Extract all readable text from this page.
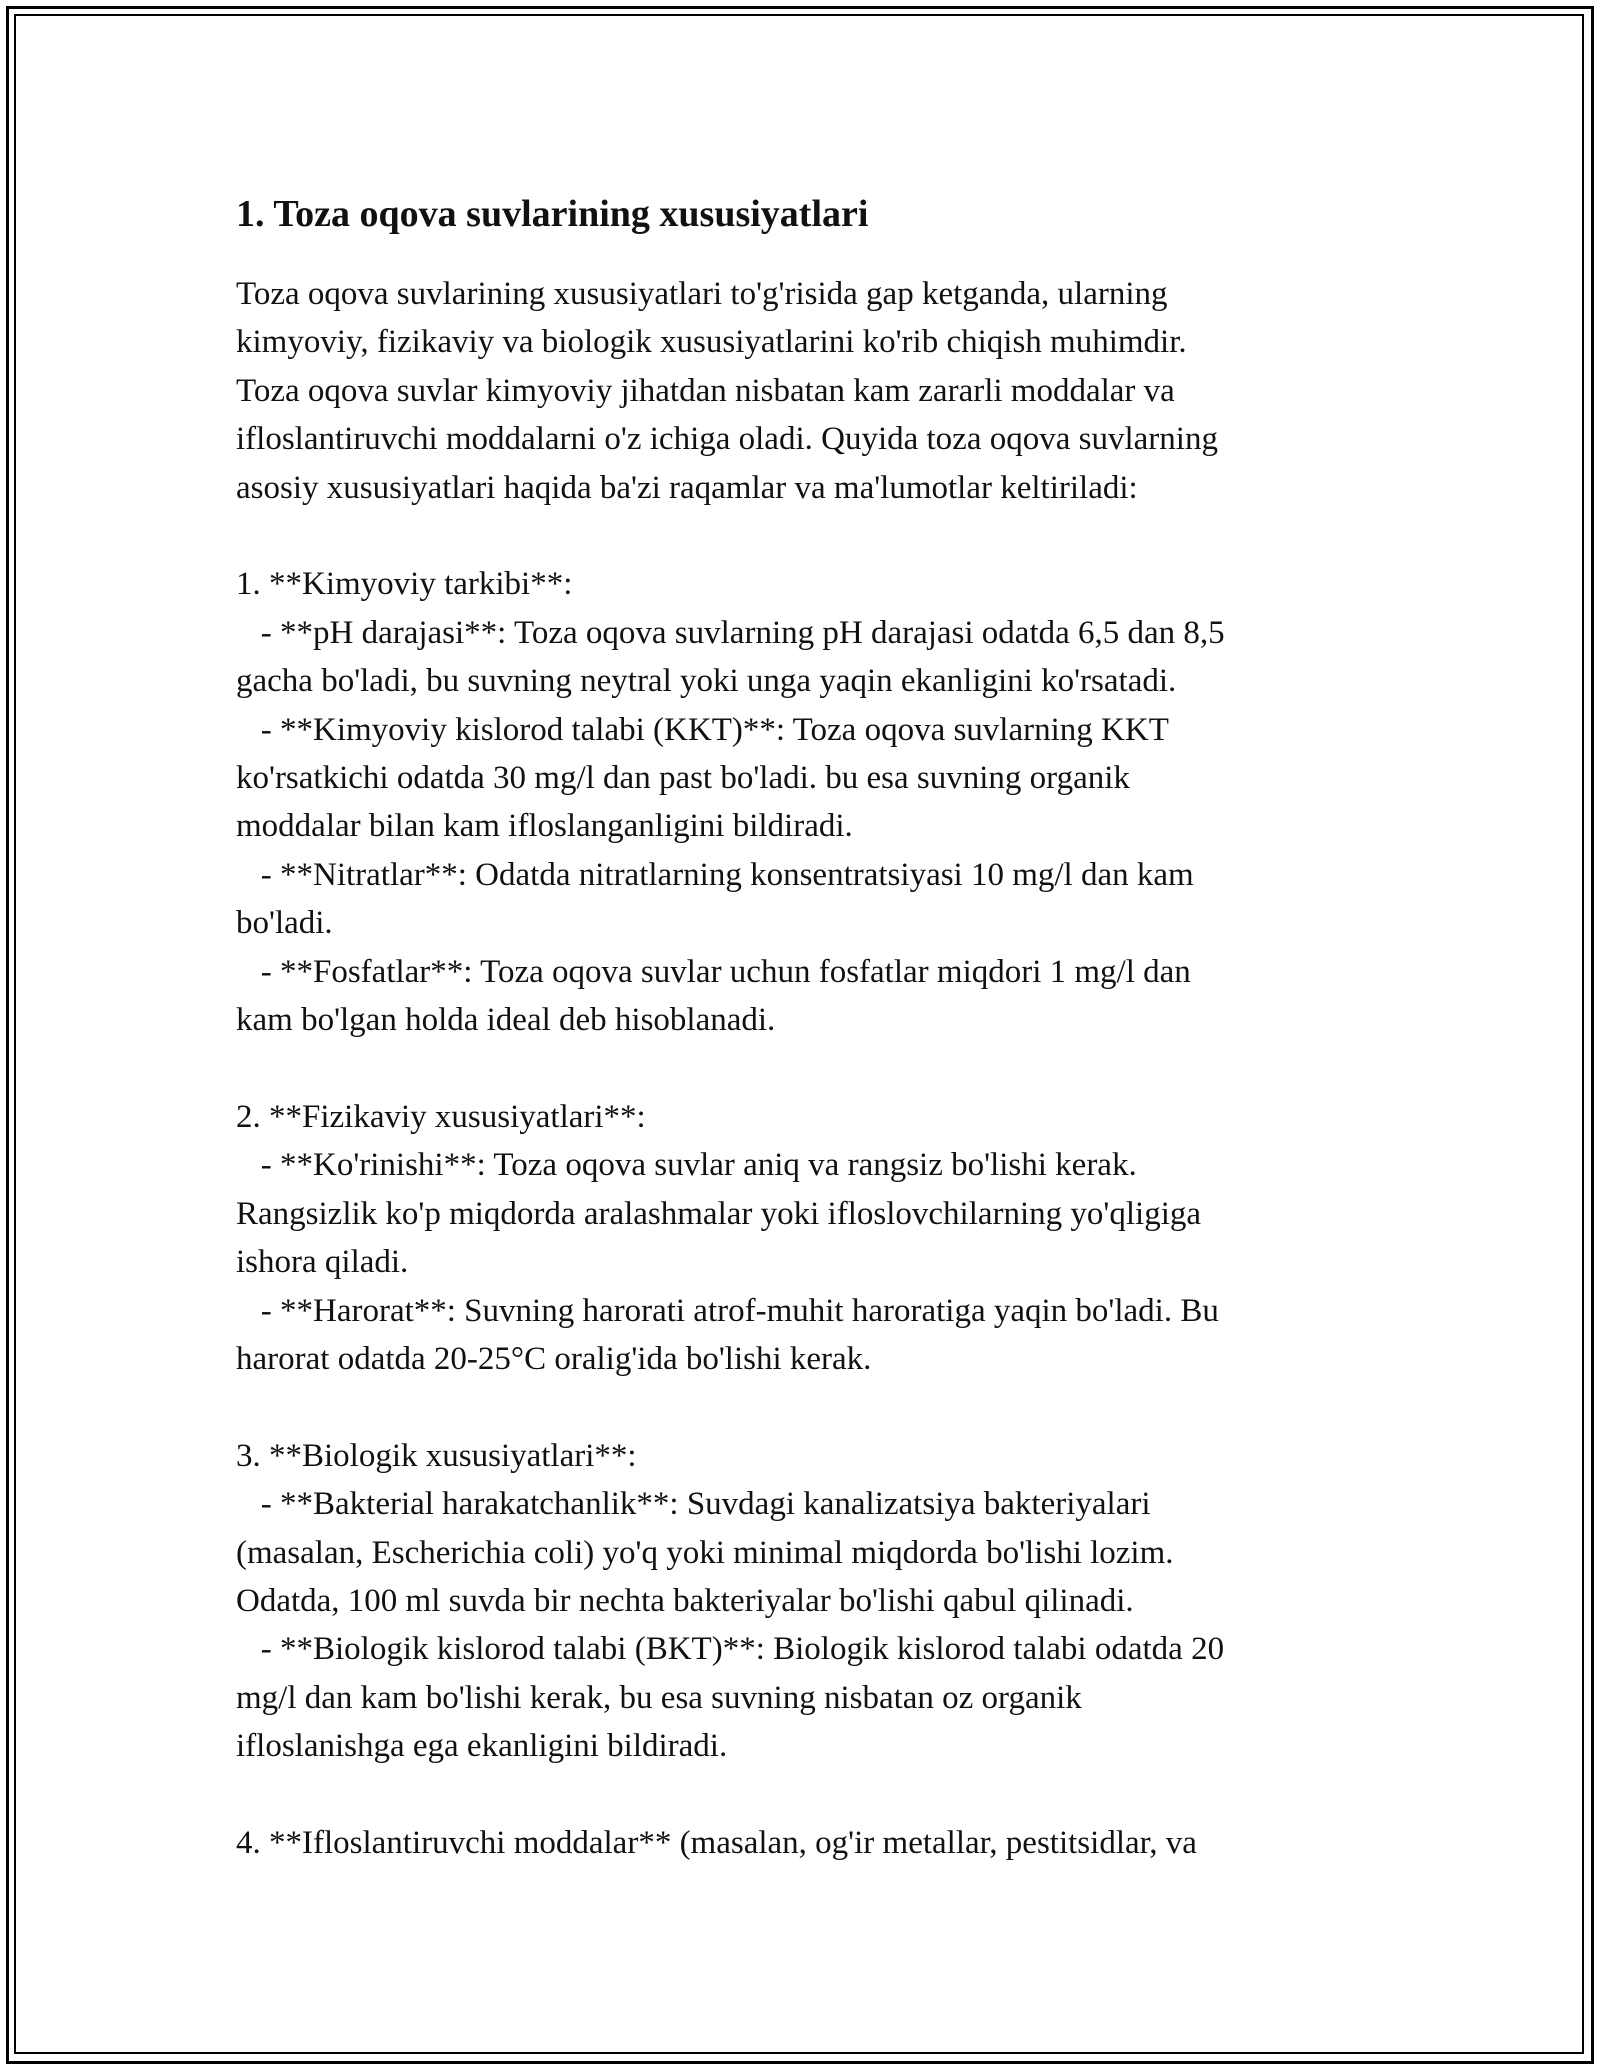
1. Toza oqova suvlarining xususiyatlari

Toza oqova suvlarining xususiyatlari to'g'risida gap ketganda, ularning
kimyoviy, fizikaviy va biologik xususiyatlarini ko'rib chiqish muhimdir.
Toza oqova suvlar kimyoviy jihatdan nisbatan kam zararli moddalar va
ifloslantiruvchi moddalarni o'z ichiga oladi. Quyida toza oqova suvlarning
asosiy xususiyatlari haqida ba'zi raqamlar va ma'lumotlar keltiriladi:

1. **Kimyoviy tarkibi**:
- **pH darajasi**: Toza oqova suvlarning pH darajasi odatda 6,5 dan 8,5
gacha bo'ladi, bu suvning neytral yoki unga yaqin ekanligini ko'rsatadi.
- **Kimyoviy kislorod talabi (KKT)**: Toza oqova suvlarning KKT
ko'rsatkichi odatda 30 mg/l dan past bo'ladi. bu esa suvning organik
moddalar bilan kam ifloslanganligini bildiradi.
- **Nitratlar**: Odatda nitratlarning konsentratsiyasi 10 mg/l dan kam
bo'ladi.
- **Fosfatlar**: Toza oqova suvlar uchun fosfatlar miqdori 1 mg/l dan
kam bo'lgan holda ideal deb hisoblanadi.

2. **Fizikaviy xususiyatlari**:
- **Ko'rinishi**: Toza oqova suvlar aniq va rangsiz bo'lishi kerak.
Rangsizlik ko'p miqdorda aralashmalar yoki ifloslovchilarning yo'qligiga
ishora qiladi.
- **Harorat**: Suvning harorati atrof-muhit haroratiga yaqin bo'ladi. Bu
harorat odatda 20-25°C oralig'ida bo'lishi kerak.

3. **Biologik xususiyatlari**:
- **Bakterial harakatchanlik**: Suvdagi kanalizatsiya bakteriyalari
(masalan, Escherichia coli) yo'q yoki minimal miqdorda bo'lishi lozim.
Odatda, 100 ml suvda bir nechta bakteriyalar bo'lishi qabul qilinadi.
- **Biologik kislorod talabi (BKT)**: Biologik kislorod talabi odatda 20
mg/l dan kam bo'lishi kerak, bu esa suvning nisbatan oz organik
ifloslanishga ega ekanligini bildiradi.

4. **Ifloslantiruvchi moddalar** (masalan, og'ir metallar, pestitsidlar, va
